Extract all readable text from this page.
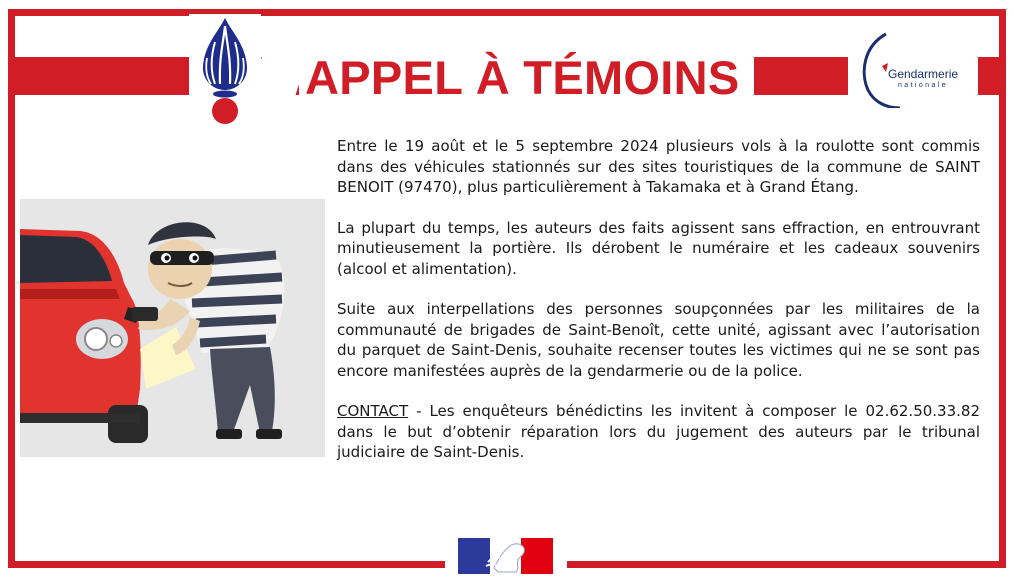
APPEL À TÉMOINS	Gendarmerie
nationale

Entre le 19 août et le 5 septembre 2024 plusieurs vols à la roulotte sont commis dans des véhicules stationnés sur des sites touristiques de la commune de SAINT BENOIT (97470), plus particulièrement à Takamaka et à Grand Étang.

La plupart du temps, les auteurs des faits agissent sans effraction, en entrouvrant minutieusement la portière. Ils dérobent le numéraire et les cadeaux souvenirs (alcool et alimentation).

Suite aux interpellations des personnes soupçonnées par les militaires de la communauté de brigades de Saint-Benoît, cette unité, agissant avec l’autorisation du parquet de Saint-Denis, souhaite recenser toutes les victimes qui ne se sont pas encore manifestées auprès de la gendarmerie ou de la police.

CONTACT - Les enquêteurs bénédictins les invitent à composer le 02.62.50.33.82 dans le but d’obtenir réparation lors du jugement des auteurs par le tribunal judiciaire de Saint-Denis.
